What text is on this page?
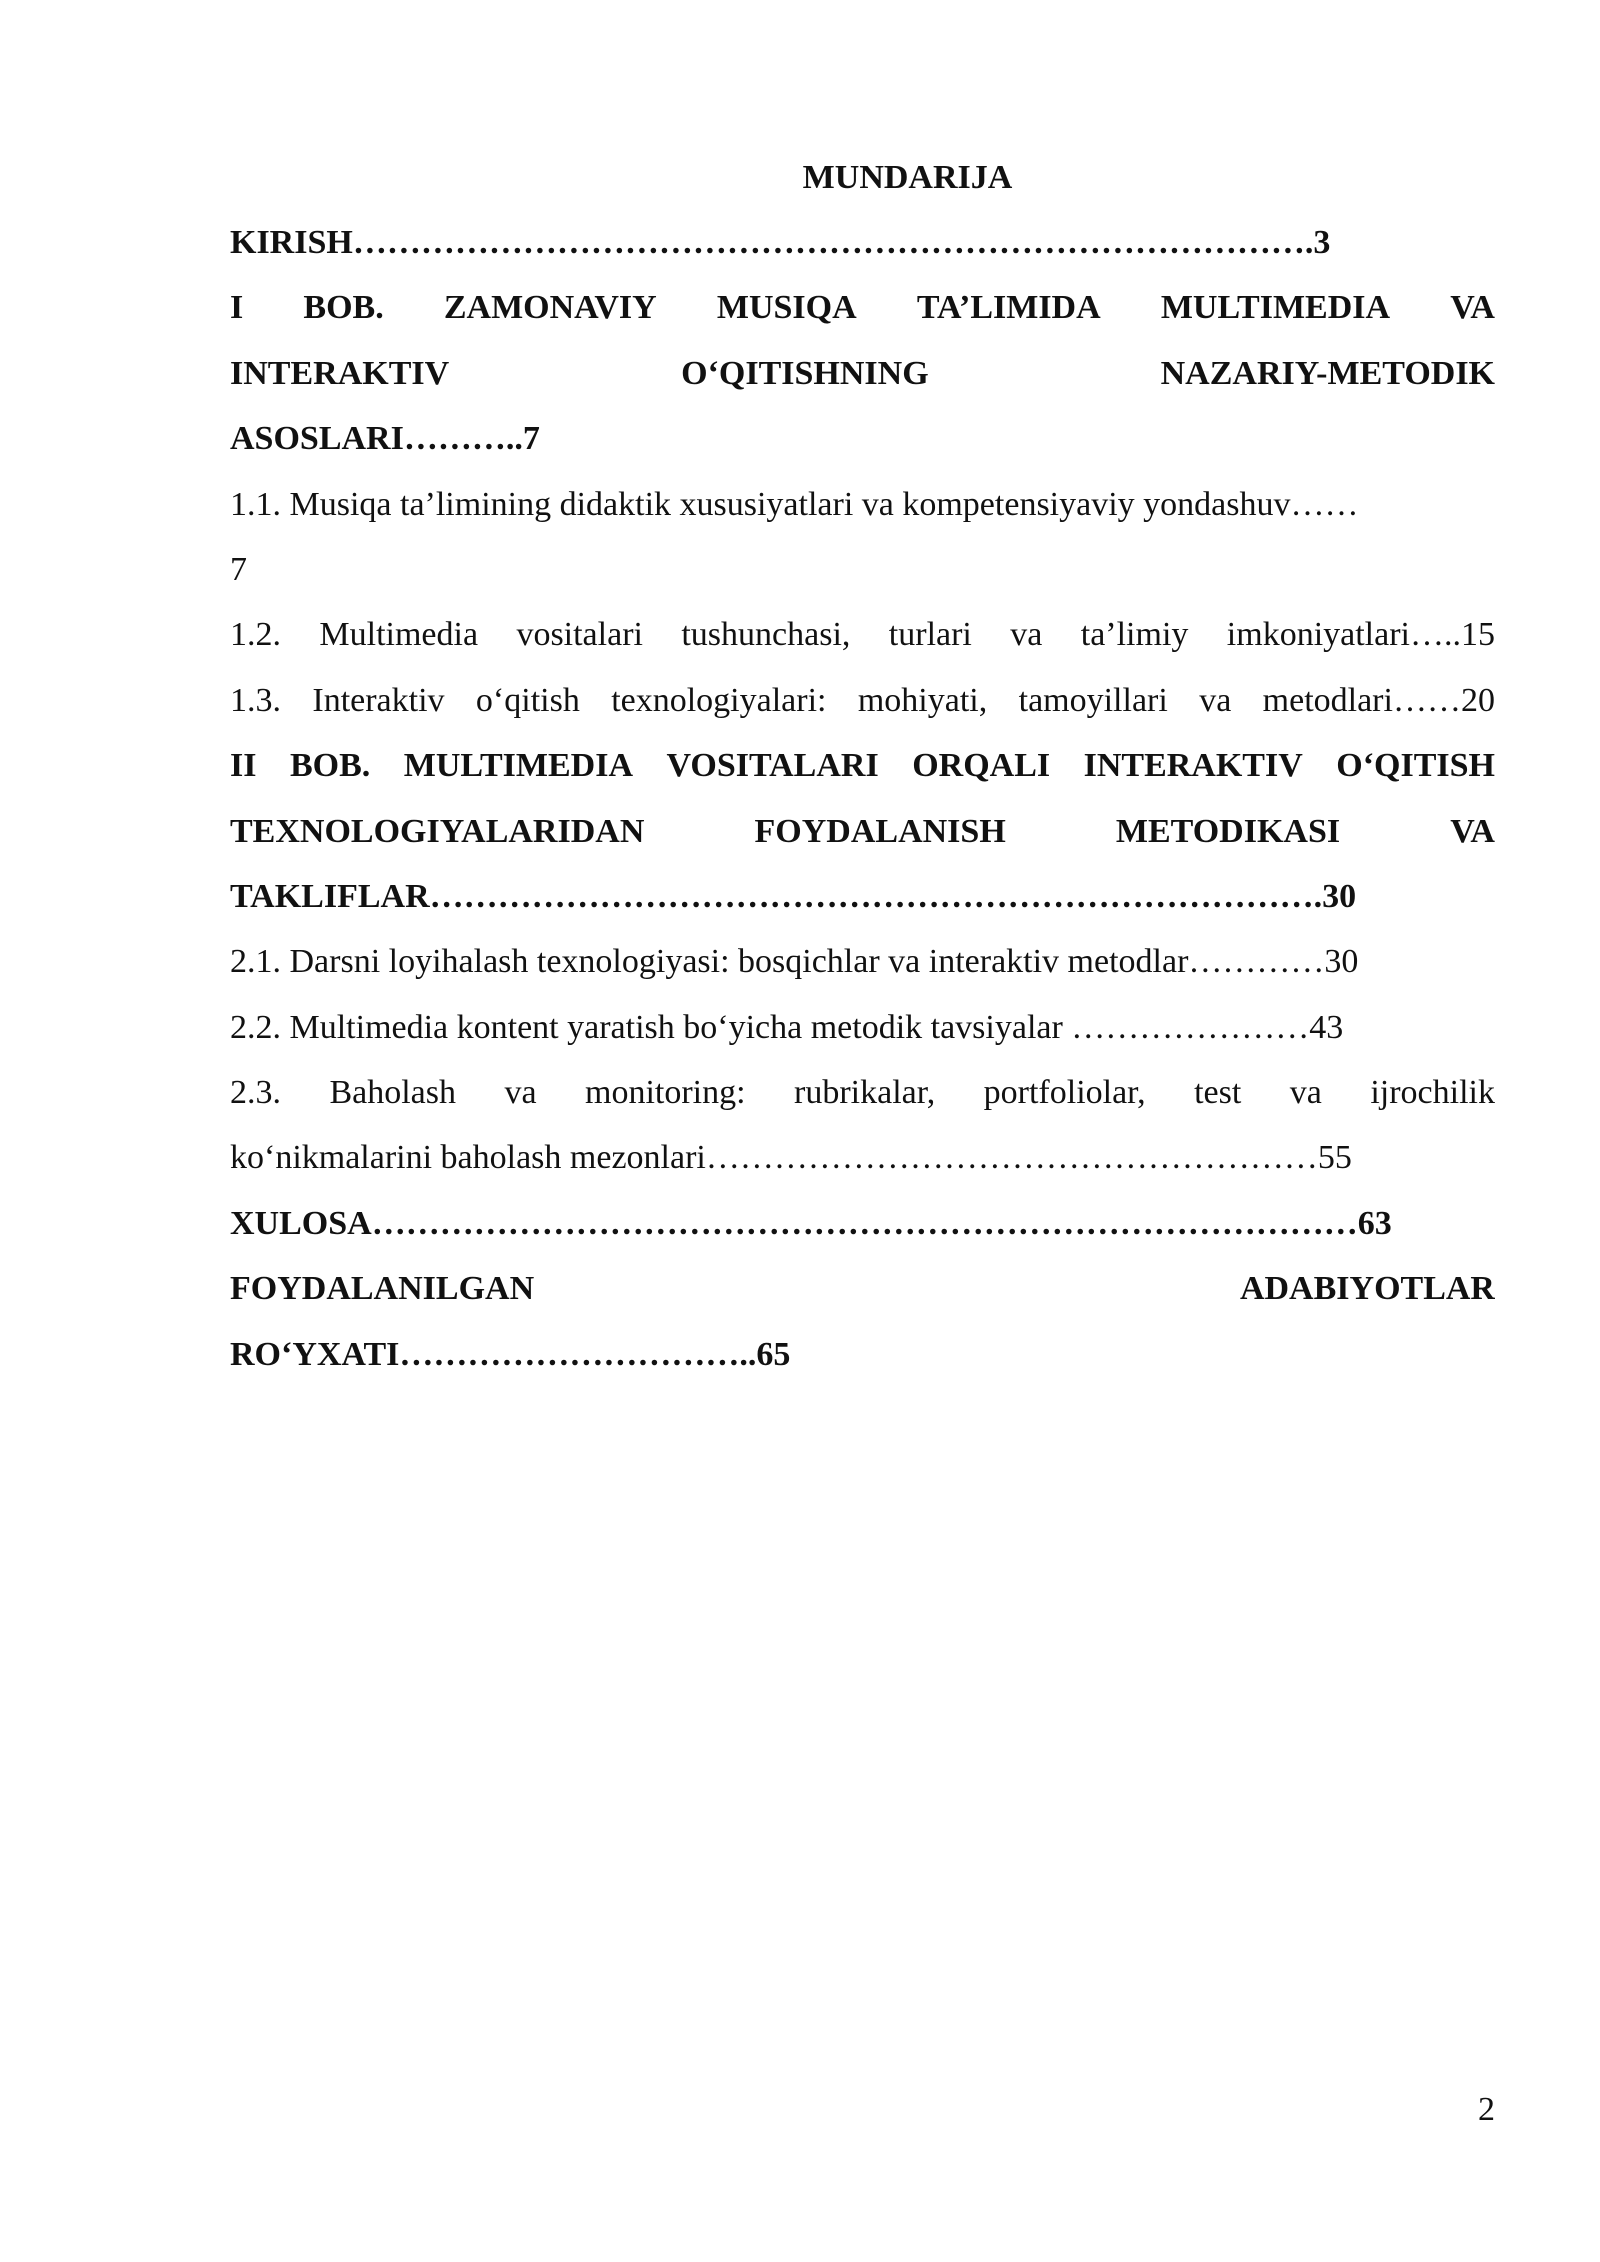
MUNDARIJA
KIRISH………………………………………………………………………….3
I BOB. ZAMONAVIY MUSIQA TA’LIMIDA MULTIMEDIA VA
INTERAKTIV	O‘QITISHNING	NAZARIY-METODIK
ASOSLARI………..7
1.1. Musiqa ta’limining didaktik xususiyatlari va kompetensiyaviy yondashuv……
7
1.2. Multimedia vositalari tushunchasi, turlari va ta’limiy imkoniyatlari…..15
1.3. Interaktiv o‘qitish texnologiyalari: mohiyati, tamoyillari va metodlari……20
II BOB. MULTIMEDIA VOSITALARI ORQALI INTERAKTIV O‘QITISH
TEXNOLOGIYALARIDAN	FOYDALANISH	METODIKASI	VA
TAKLIFLAR…………………………………………………………………….30
2.1. Darsni loyihalash texnologiyasi: bosqichlar va interaktiv metodlar…………30
2.2. Multimedia kontent yaratish bo‘yicha metodik tavsiyalar …………………43
2.3. Baholash va monitoring: rubrikalar, portfoliolar, test va ijrochilik
ko‘nikmalarini baholash mezonlari………………………………………………55
XULOSA……………………………………………………………………………63
FOYDALANILGAN	ADABIYOTLAR
RO‘YXATI…………………………..65
2
